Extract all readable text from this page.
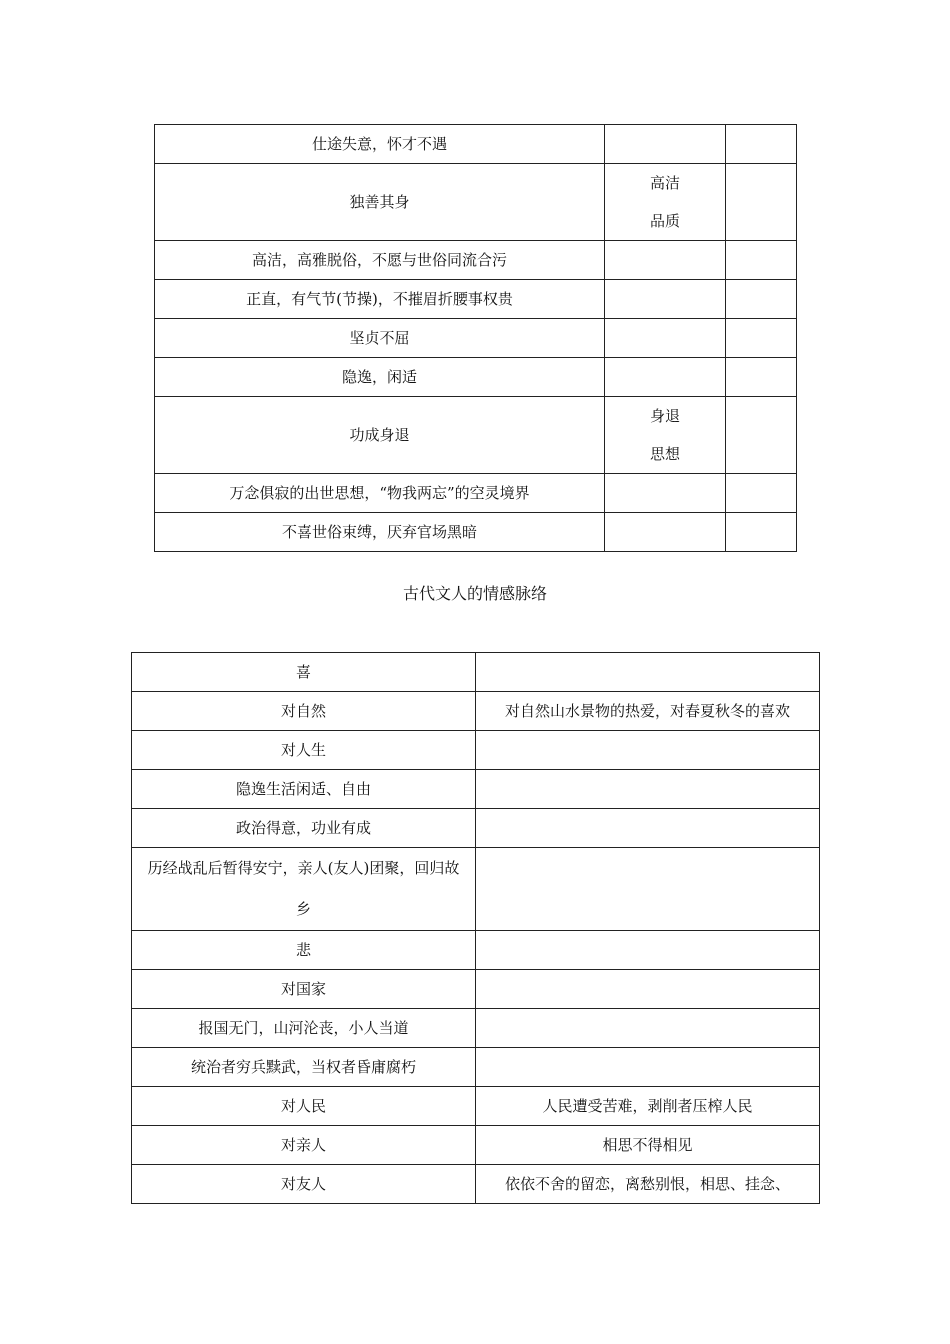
仕途失意，怀才不遇		
独善其身	高洁
品质	

高洁，高雅脱俗，不愿与世俗同流合污		
正直，有气节(节操)，不摧眉折腰事权贵		
坚贞不屈		
隐逸，闲适		
功成身退	身退
思想	

万念俱寂的出世思想，“物我两忘”的空灵境界		
不喜世俗束缚，厌弃官场黑暗		
古代文人的情感脉络
喜	
对自然	对自然山水景物的热爱，对春夏秋冬的喜欢
对人生	
隐逸生活闲适、自由	
政治得意，功业有成	
历经战乱后暂得安宁，亲人(友人)团聚，回归故乡	
悲	
对国家	
报国无门，山河沦丧，小人当道	
统治者穷兵黩武，当权者昏庸腐朽	
对人民	人民遭受苦难，剥削者压榨人民
对亲人	相思不得相见
对友人	依依不舍的留恋，离愁别恨，相思、挂念、
